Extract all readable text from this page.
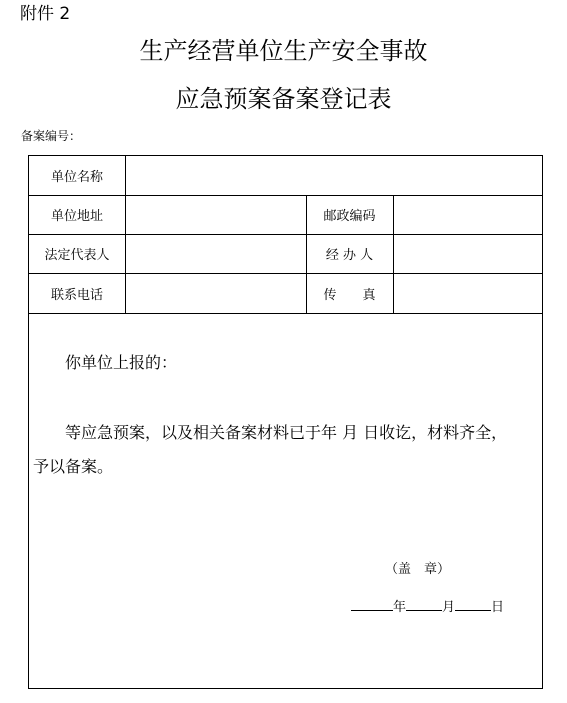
附件 2
生产经营单位生产安全事故
应急预案备案登记表
备案编号：
单位名称
单位地址	邮政编码
法定代表人	经 办 人
联系电话	传　　真
你单位上报的：
等应急预案，以及相关备案材料已于年 月 日收讫，材料齐全，
予以备案。
（盖　章）
年	月	日
